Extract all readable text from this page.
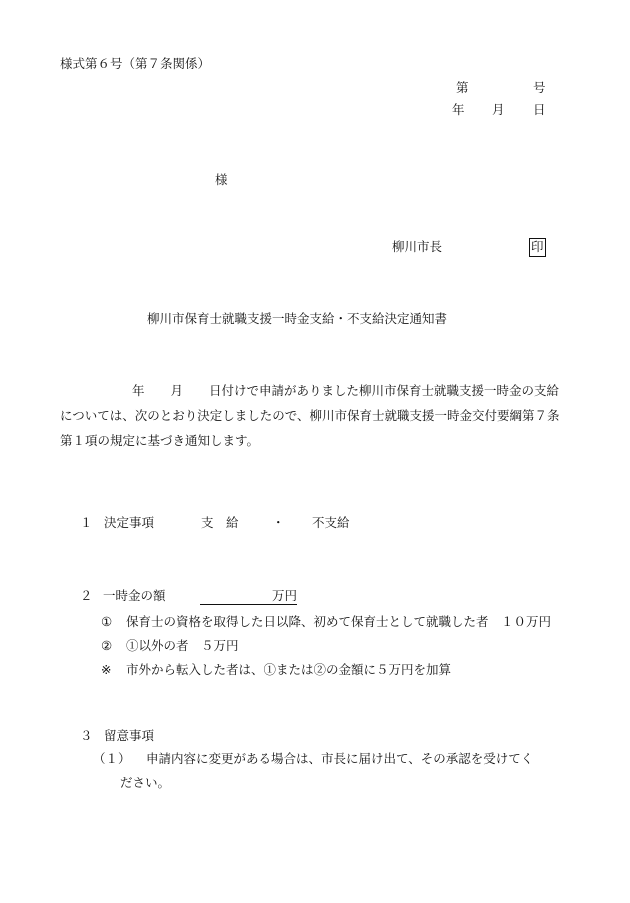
様式第６号（第７条関係）
第	号
年 月 日
様
柳川市長	印
柳川市保育士就職支援一時金支給・不支給決定通知書
年 月 日付けで申請がありました柳川市保育士就職支援一時金の支給については、次のとおり決定しましたので、柳川市保育士就職支援一時金交付要綱第７条第１項の規定に基づき通知します。
１ 決定事項	支　給	・ 不支給
２ 一時金の額	万円
① 保育士の資格を取得した日以降、初めて保育士として就職した者　１０万円
② ①以外の者　５万円
※ 市外から転入した者は、①または②の金額に５万円を加算
３ 留意事項
（１） 申請内容に変更がある場合は、市長に届け出て、その承認を受けてく
ださい。
